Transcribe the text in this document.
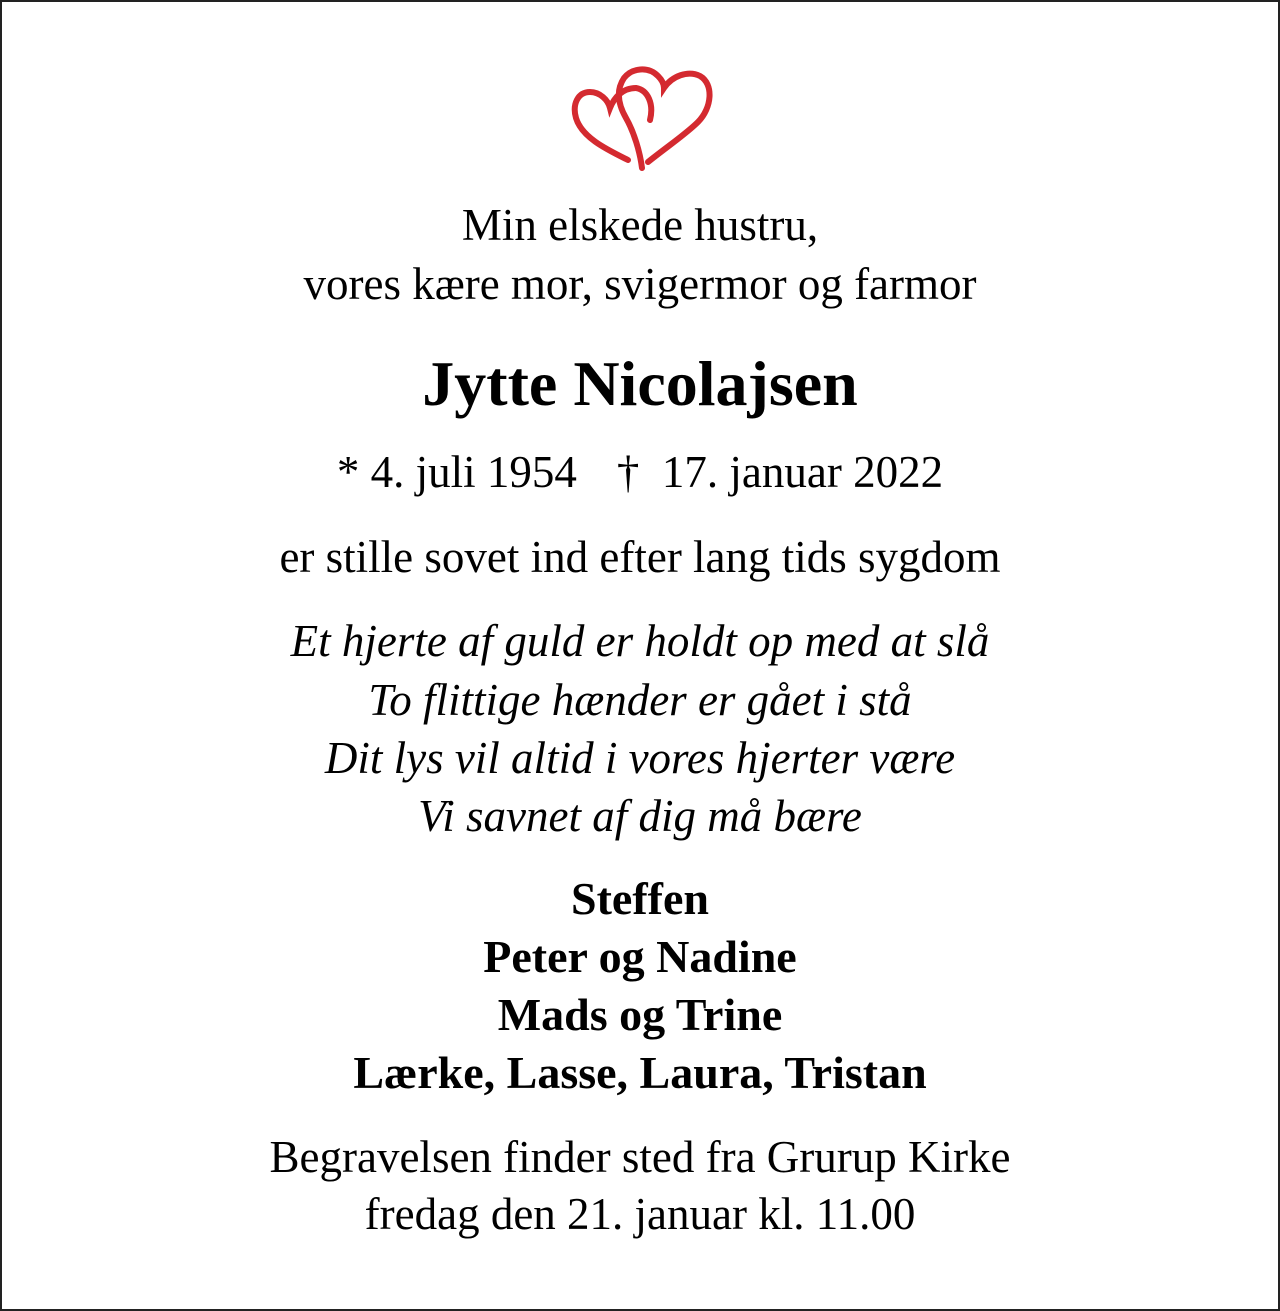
Min elskede hustru,
vores kære mor, svigermor og farmor
Jytte Nicolajsen
* 4. juli 1954 † 17. januar 2022
er stille sovet ind efter lang tids sygdom
Et hjerte af guld er holdt op med at slå
To flittige hænder er gået i stå
Dit lys vil altid i vores hjerter være
Vi savnet af dig må bære
Steffen
Peter og Nadine
Mads og Trine
Lærke, Lasse, Laura, Tristan
Begravelsen finder sted fra Grurup Kirke
fredag den 21. januar kl. 11.00
